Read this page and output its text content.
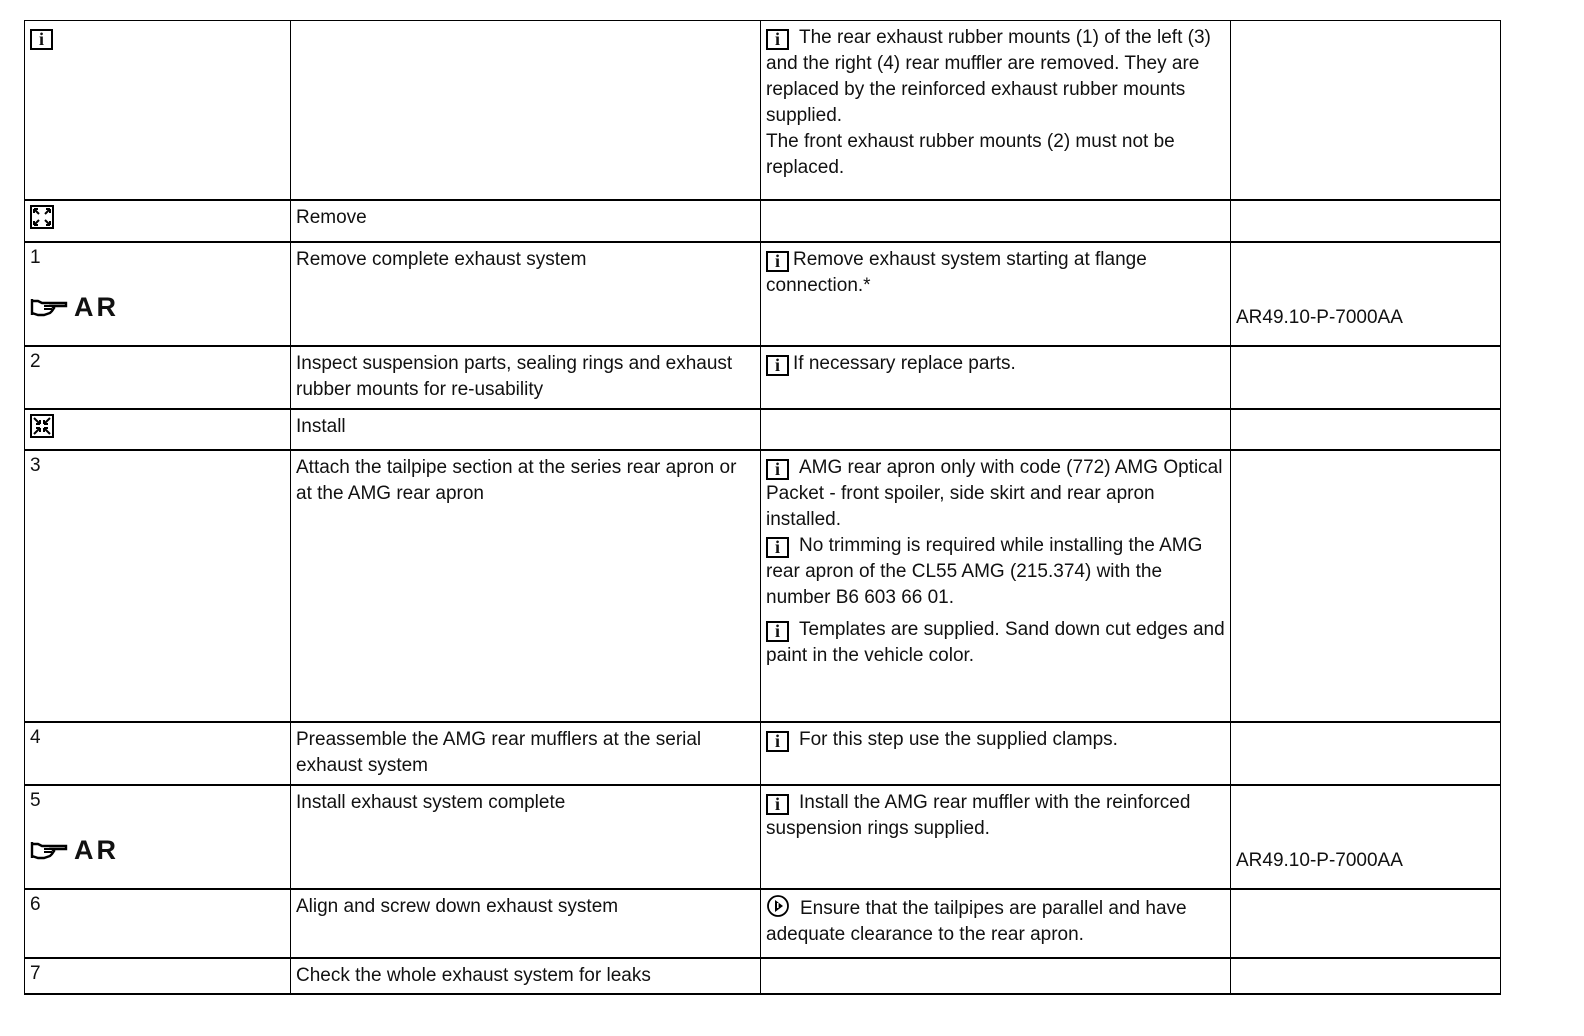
i		i The rear exhaust rubber mounts (1) of the left (3) and the right (4) rear muffler are removed. They are replaced by the reinforced exhaust rubber mounts supplied.

The front exhaust rubber mounts (2) must not be replaced.	

	Remove		

1
AR	Remove complete exhaust system	i Remove exhaust system starting at flange connection.*	AR49.10-P-7000AA

2	Inspect suspension parts, sealing rings and exhaust rubber mounts for re-usability	i If necessary replace parts.	

	Install		

3	Attach the tailpipe section at the series rear apron or at the AMG rear apron	i AMG rear apron only with code (772) AMG Optical Packet - front spoiler, side skirt and rear apron installed.

i No trimming is required while installing the AMG rear apron of the CL55 AMG (215.374) with the number B6 603 66 01.

i Templates are supplied. Sand down cut edges and paint in the vehicle color.	

4	Preassemble the AMG rear mufflers at the serial exhaust system	i For this step use the supplied clamps.	

5
AR	Install exhaust system complete	i Install the AMG rear muffler with the reinforced suspension rings supplied.	AR49.10-P-7000AA

6	Align and screw down exhaust system	Ensure that the tailpipes are parallel and have adequate clearance to the rear apron.	

7	Check the whole exhaust system for leaks		
